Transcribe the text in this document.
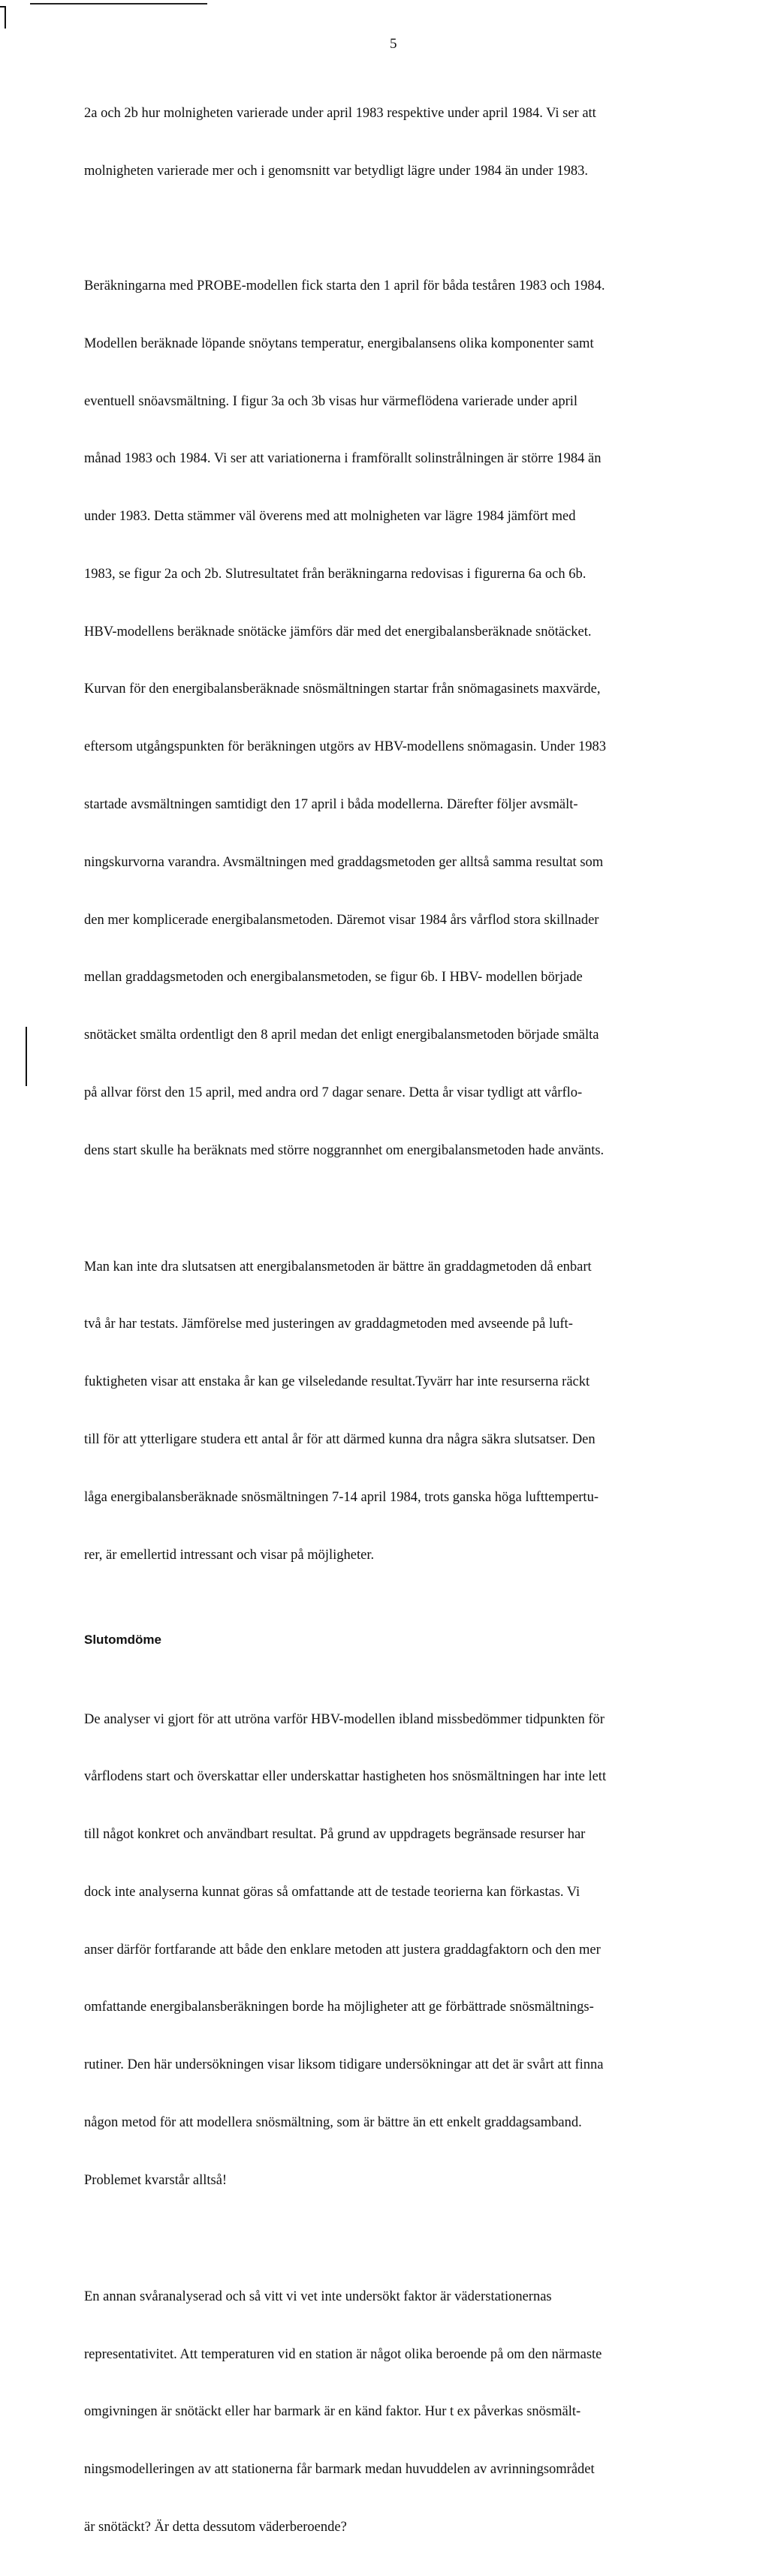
5

2a och 2b hur molnigheten varierade under april 1983 respektive under april 1984. Vi ser att

molnigheten varierade mer och i genomsnitt var betydligt lägre under 1984 än under 1983.

Beräkningarna med PROBE-modellen fick starta den 1 april för båda teståren 1983 och 1984.

Modellen beräknade löpande snöytans temperatur, energibalansens olika komponenter samt

eventuell snöavsmältning. I figur 3a och 3b visas hur värmeflödena varierade under april

månad 1983 och 1984. Vi ser att variationerna i framförallt solinstrålningen är större 1984 än

under 1983. Detta stämmer väl överens med att molnigheten var lägre 1984 jämfört med

1983, se figur 2a och 2b. Slutresultatet från beräkningarna redovisas i figurerna 6a och 6b.

HBV-modellens beräknade snötäcke jämförs där med det energibalansberäknade snötäcket.

Kurvan för den energibalansberäknade snösmältningen startar från snömagasinets maxvärde,

eftersom utgångspunkten för beräkningen utgörs av HBV-modellens snömagasin. Under 1983

startade avsmältningen samtidigt den 17 april i båda modellerna. Därefter följer avsmält-

ningskurvorna varandra. Avsmältningen med graddagsmetoden ger alltså samma resultat som

den mer komplicerade energibalansmetoden. Däremot visar 1984 års vårflod stora skillnader

mellan graddagsmetoden och energibalansmetoden, se figur 6b. I HBV- modellen började

snötäcket smälta ordentligt den 8 april medan det enligt energibalansmetoden började smälta

på allvar först den 15 april, med andra ord 7 dagar senare. Detta år visar tydligt att vårflo-

dens start skulle ha beräknats med större noggrannhet om energibalansmetoden hade använts.

Man kan inte dra slutsatsen att energibalansmetoden är bättre än graddagmetoden då enbart

två år har testats. Jämförelse med justeringen av graddagmetoden med avseende på luft-

fuktigheten visar att enstaka år kan ge vilseledande resultat.Tyvärr har inte resurserna räckt

till för att ytterligare studera ett antal år för att därmed kunna dra några säkra slutsatser. Den

låga energibalansberäknade snösmältningen 7-14 april 1984, trots ganska höga lufttempertu-

rer, är emellertid intressant och visar på möjligheter.

Slutomdöme

De analyser vi gjort för att utröna varför HBV-modellen ibland missbedömmer tidpunkten för

vårflodens start och överskattar eller underskattar hastigheten hos snösmältningen har inte lett

till något konkret och användbart resultat. På grund av uppdragets begränsade resurser har

dock inte analyserna kunnat göras så omfattande att de testade teorierna kan förkastas. Vi

anser därför fortfarande att både den enklare metoden att justera graddagfaktorn och den mer

omfattande energibalansberäkningen borde ha möjligheter att ge förbättrade snösmältnings-

rutiner. Den här undersökningen visar liksom tidigare undersökningar att det är svårt att finna

någon metod för att modellera snösmältning, som är bättre än ett enkelt graddagsamband.

Problemet kvarstår alltså!

En annan svåranalyserad och så vitt vi vet inte undersökt faktor är väderstationernas

representativitet. Att temperaturen vid en station är något olika beroende på om den närmaste

omgivningen är snötäckt eller har barmark är en känd faktor. Hur t ex påverkas snösmält-

ningsmodelleringen av att stationerna får barmark medan huvuddelen av avrinningsområdet

är snötäckt? Är detta dessutom väderberoende?
